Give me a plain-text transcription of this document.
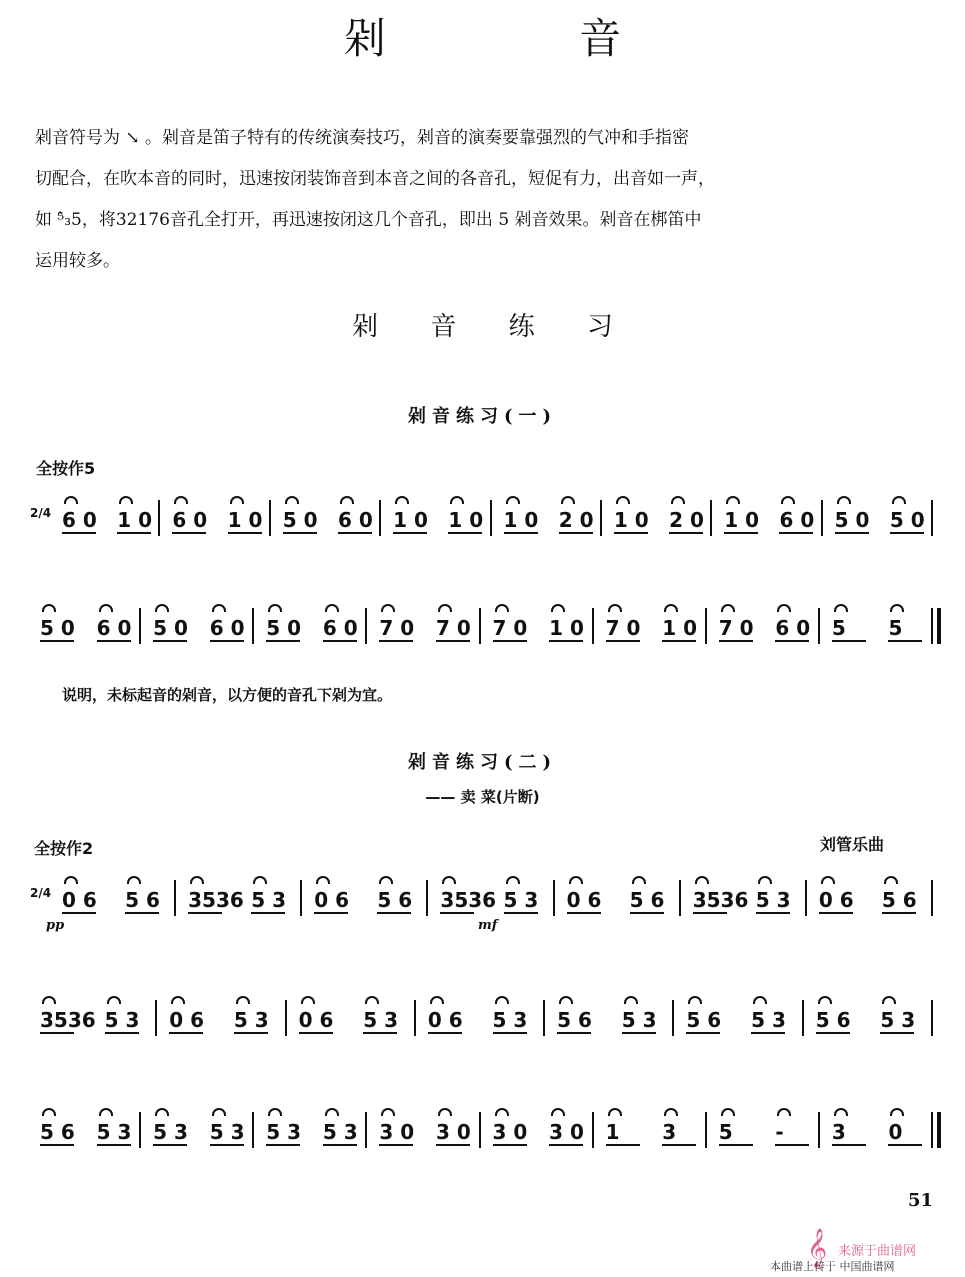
剁 音

剁音符号为 ↘ 。剁音是笛子特有的传统演奏技巧，剁音的演奏要靠强烈的气冲和手指密

切配合，在吹本音的同时，迅速按闭装饰音到本音之间的各音孔，短促有力，出音如一声，

如 ⁵̂₃5，将32176音孔全打开，再迅速按闭这几个音孔，即出 5 剁音效果。剁音在梆笛中

运用较多。

剁 音 练 习
剁音练习(一)
全按作5
2/4 6 0 1 0 6 0 1 0 5 0 6 0 1 0 1 0 1 0 2 0 1 0 2 0 1 0 6 0 5 0 5 0
5 0 6 0 5 0 6 0 5 0 6 0 7 0 7 0 7 0 1 0 7 0 1 0 7 0 6 0 5 5
说明，未标起音的剁音，以方便的音孔下剁为宜。
剁音练习(二)
—— 卖 菜(片断)
全按作2	刘管乐曲
2/4 0 6 5 6 3536 5 3 0 6 5 6 3536 5 3 0 6 5 6 3536 5 3 0 6 5 6
pp	mf
3536 5 3 0 6 5 3 0 6 5 3 0 6 5 3 5 6 5 3 5 6 5 3 5 6 5 3
5 6 5 3 5 3 5 3 5 3 5 3 3 0 3 0 3 0 3 0 1 3 5 - 3 0
51
𝄞 来源于曲谱网
本曲谱上传于 中国曲谱网
